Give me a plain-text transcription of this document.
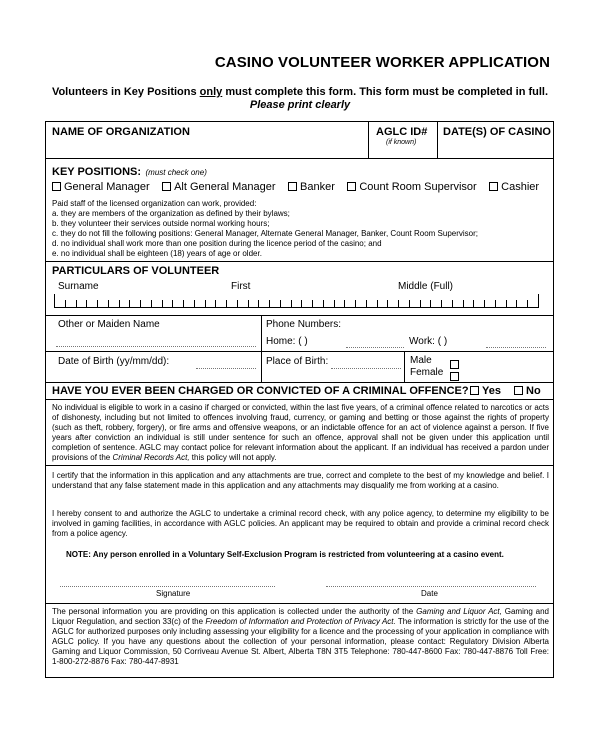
CASINO VOLUNTEER WORKER APPLICATION
Volunteers in Key Positions only must complete this form. This form must be completed in full.
Please print clearly
NAME OF ORGANIZATION	AGLC ID#
(if known)
DATE(S) OF CASINO
KEY POSITIONS: (must check one)
General Manager Alt General Manager Banker Count Room Supervisor Cashier
Paid staff of the licensed organization can work, provided:
a. they are members of the organization as defined by their bylaws;
b. they volunteer their services outside normal working hours;
c. they do not fill the following positions: General Manager, Alternate General Manager, Banker, Count Room Supervisor;
d. no individual shall work more than one position during the licence period of the casino; and
e. no individual shall be eighteen (18) years of age or older.
PARTICULARS OF VOLUNTEER
Surname	First	Middle (Full)
Other or Maiden Name	Phone Numbers:
Home: ( )	Work: ( )
Date of Birth (yy/mm/dd):	Place of Birth:	Male
Female
HAVE YOU EVER BEEN CHARGED OR CONVICTED OF A CRIMINAL OFFENCE?	Yes	No
No individual is eligible to work in a casino if charged or convicted, within the last five years, of a criminal offence related to narcotics or acts of dishonesty, including but not limited to offences involving fraud, currency, or gaming and betting or those against the rights of property (such as theft, robbery, forgery), or fire arms and offensive weapons, or an indictable offence for an act of violence against a person. If five years after conviction an individual is still under sentence for such an offence, approval shall not be given under this application until completion of sentence. AGLC may contact police for relevant information about the applicant. If an individual has received a pardon under provisions of the Criminal Records Act, this policy will not apply.
I certify that the information in this application and any attachments are true, correct and complete to the best of my knowledge and belief. I understand that any false statement made in this application and any attachments may disqualify me from working at a casino.
I hereby consent to and authorize the AGLC to undertake a criminal record check, with any police agency, to determine my eligibility to be involved in gaming facilities, in accordance with AGLC policies. An applicant may be required to obtain and provide a criminal record check from a police agency.
NOTE: Any person enrolled in a Voluntary Self-Exclusion Program is restricted from volunteering at a casino event.
Signature	Date
The personal information you are providing on this application is collected under the authority of the Gaming and Liquor Act, Gaming and Liquor Regulation, and section 33(c) of the Freedom of Information and Protection of Privacy Act. The information is strictly for the use of the AGLC for authorized purposes only including assessing your eligibility for a licence and the processing of your application in compliance with AGLC policy. If you have any questions about the collection of your personal information, please contact: Regulatory Division Alberta Gaming and Liquor Commission, 50 Corriveau Avenue St. Albert, Alberta T8N 3T5 Telephone: 780-447-8600 Fax: 780-447-8876 Toll Free: 1-800-272-8876 Fax: 780-447-8931
